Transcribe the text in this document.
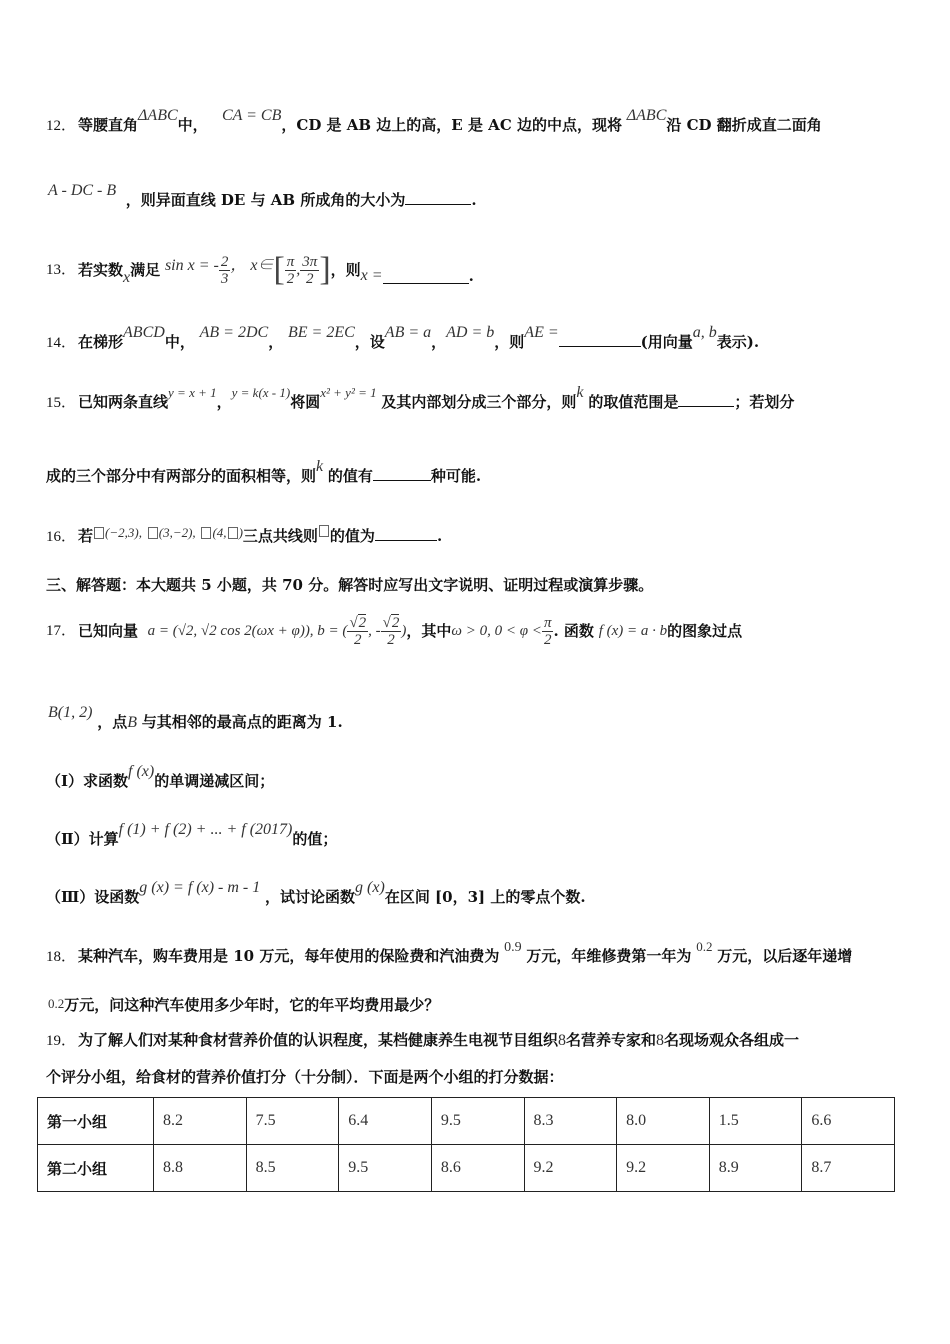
12． 等腰直角ΔABC中，   CA = CB，CD 是 AB 边上的高，E 是 AC 边的中点，现将 ΔABC沿 CD 翻折成直二面角
A - DC - B  ，则异面直线 DE 与 AB 所成角的大小为	.
13． 若实数 x 满足
sin x = - $\frac{2}{3}$ ， x∈ [ $\frac{\pi}{2}$ , $\frac{3\pi}{2}$ ] ，则 x =	.
14． 在梯形ABCD中， AB = 2DC， BE = 2EC，设AB = a，AD = b，则AE =(用向量a, b表示).
15． 已知两条直线y = x + 1，y = k(x - 1)将圆x² + y² = 1 及其内部划分成三个部分，则k 的取值范围是	；若划分
成的三个部分中有两部分的面积相等，则k 的值有	种可能.
16． 若 (−2,3), (3,−2), (4, )三点共线则 的值为	.
三、解答题：本大题共 5 小题，共 70 分。解答时应写出文字说明、证明过程或演算步骤。
17． 已知向量
a = (√2, √2 cos 2(ωx + φ)), b = ( $\frac{√2}{2}$ , - $\frac{√2}{2}$ ) ，其中 ω > 0, $0 < \varphi < \frac{\pi}{2}$ . 函数
f (x) = a · b 的图象过点
B(1, 2) ，点B 与其相邻的最高点的距离为 1.
（Ⅰ）求函数f (x)的单调递减区间；
（Ⅱ）计算f (1) + f (2) + ... + f (2017)的值；
（Ⅲ）设函数g (x) = f (x) - m - 1 ，试讨论函数g (x)在区间 [0，3] 上的零点个数.
18． 某种汽车，购车费用是 10 万元，每年使用的保险费和汽油费为 0.9 万元，年维修费第一年为 0.2 万元，以后逐年递增
0.2万元，问这种汽车使用多少年时，它的年平均费用最少？
19． 为了解人们对某种食材营养价值的认识程度，某档健康养生电视节目组织8名营养专家和8名现场观众各组成一
个评分小组，给食材的营养价值打分（十分制）．下面是两个小组的打分数据：
第一小组	8.2	7.5	6.4	9.5	8.3	8.0	1.5	6.6
第二小组	8.8	8.5	9.5	8.6	9.2	9.2	8.9	8.7
